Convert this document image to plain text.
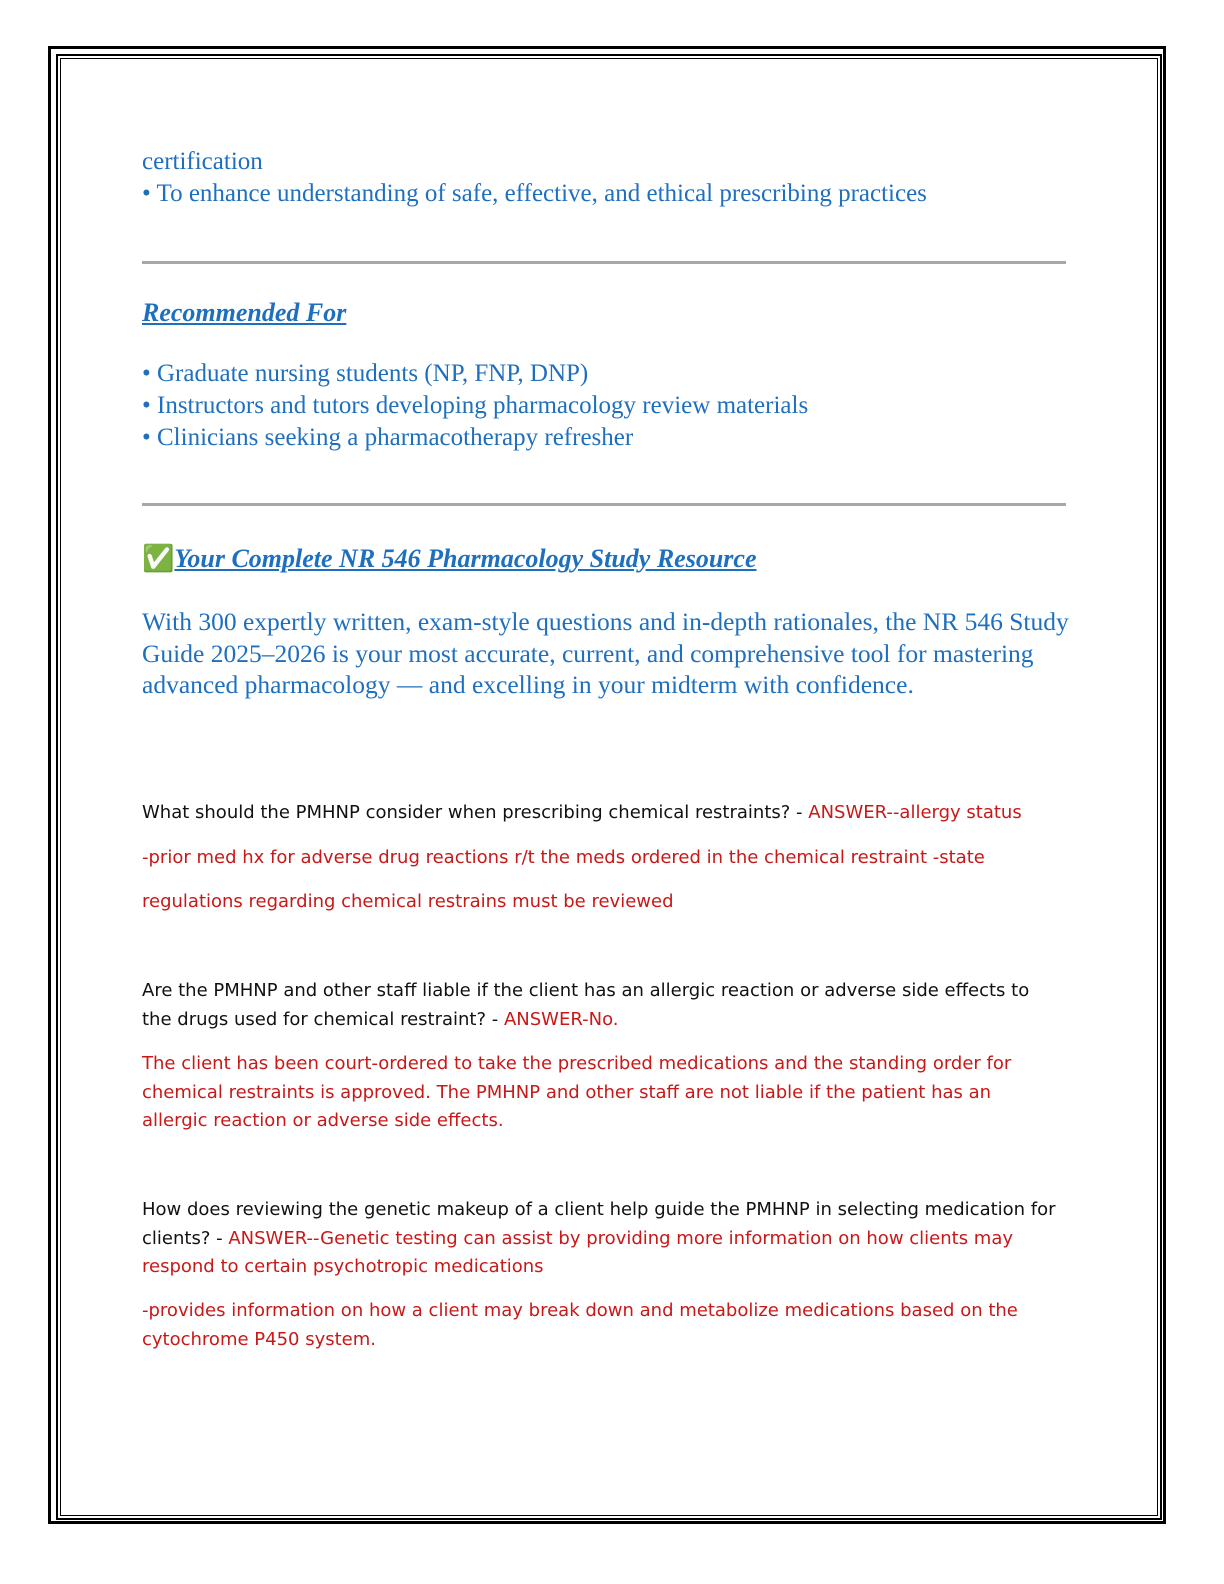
certification

• To enhance understanding of safe, effective, and ethical prescribing practices

Recommended For

• Graduate nursing students (NP, FNP, DNP)

• Instructors and tutors developing pharmacology review materials

• Clinicians seeking a pharmacotherapy refresher

✅Your Complete NR 546 Pharmacology Study Resource

With 300 expertly written, exam-style questions and in-depth rationales, the NR 546 Study Guide 2025–2026 is your most accurate, current, and comprehensive tool for mastering advanced pharmacology — and excelling in your midterm with confidence.

What should the PMHNP consider when prescribing chemical restraints? - ANSWER--allergy status

-prior med hx for adverse drug reactions r/t the meds ordered in the chemical restraint -state

regulations regarding chemical restrains must be reviewed

Are the PMHNP and other staff liable if the client has an allergic reaction or adverse side effects to the drugs used for chemical restraint? - ANSWER-No.

The client has been court-ordered to take the prescribed medications and the standing order for chemical restraints is approved. The PMHNP and other staff are not liable if the patient has an allergic reaction or adverse side effects.

How does reviewing the genetic makeup of a client help guide the PMHNP in selecting medication for clients? - ANSWER--Genetic testing can assist by providing more information on how clients may respond to certain psychotropic medications

-provides information on how a client may break down and metabolize medications based on the cytochrome P450 system.
